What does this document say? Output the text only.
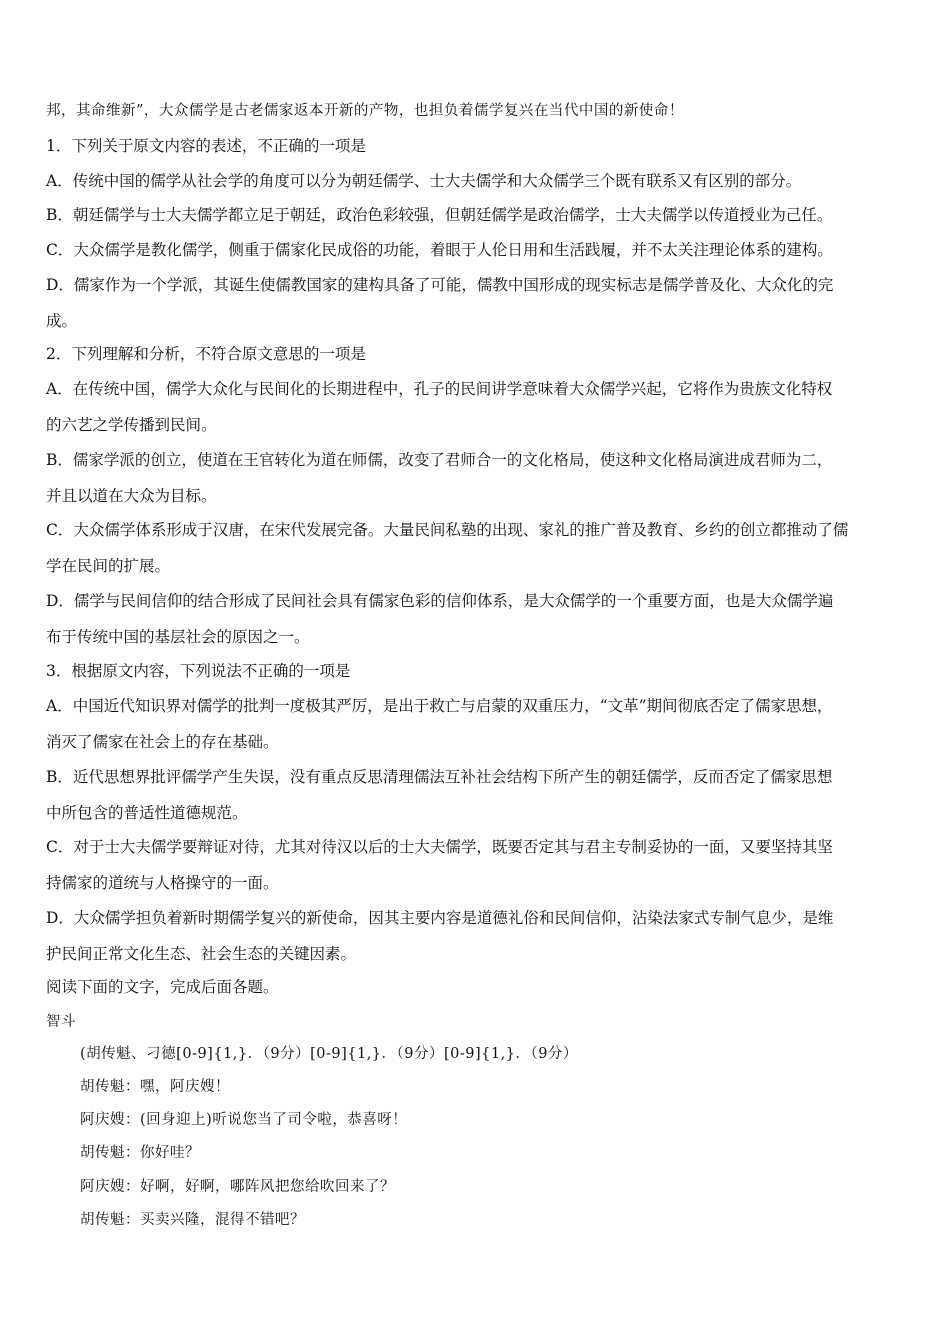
邦，其命维新”，大众儒学是古老儒家返本开新的产物，也担负着儒学复兴在当代中国的新使命！
1．下列关于原文内容的表述，不正确的一项是
A．传统中国的儒学从社会学的角度可以分为朝廷儒学、士大夫儒学和大众儒学三个既有联系又有区别的部分。
B．朝廷儒学与士大夫儒学都立足于朝廷，政治色彩较强，但朝廷儒学是政治儒学，士大夫儒学以传道授业为己任。
C．大众儒学是教化儒学，侧重于儒家化民成俗的功能，着眼于人伦日用和生活践履，并不太关注理论体系的建构。
D．儒家作为一个学派，其诞生使儒教国家的建构具备了可能，儒教中国形成的现实标志是儒学普及化、大众化的完
成。
2．下列理解和分析，不符合原文意思的一项是
A．在传统中国，儒学大众化与民间化的长期进程中，孔子的民间讲学意味着大众儒学兴起，它将作为贵族文化特权
的六艺之学传播到民间。
B．儒家学派的创立，使道在王官转化为道在师儒，改变了君师合一的文化格局，使这种文化格局演进成君师为二，
并且以道在大众为目标。
C．大众儒学体系形成于汉唐，在宋代发展完备。大量民间私塾的出现、家礼的推广普及教育、乡约的创立都推动了儒
学在民间的扩展。
D．儒学与民间信仰的结合形成了民间社会具有儒家色彩的信仰体系，是大众儒学的一个重要方面，也是大众儒学遍
布于传统中国的基层社会的原因之一。
3．根据原文内容，下列说法不正确的一项是
A．中国近代知识界对儒学的批判一度极其严厉，是出于救亡与启蒙的双重压力，“文革”期间彻底否定了儒家思想，
消灭了儒家在社会上的存在基础。
B．近代思想界批评儒学产生失误，没有重点反思清理儒法互补社会结构下所产生的朝廷儒学，反而否定了儒家思想
中所包含的普适性道德规范。
C．对于士大夫儒学要辩证对待，尤其对待汉以后的士大夫儒学，既要否定其与君主专制妥协的一面，又要坚持其坚
持儒家的道统与人格操守的一面。
D．大众儒学担负着新时期儒学复兴的新使命，因其主要内容是道德礼俗和民间信仰，沾染法家式专制气息少，是维
护民间正常文化生态、社会生态的关键因素。
阅读下面的文字，完成后面各题。
智斗
(胡传魁、刁德[0-9]{1,}．（9分）[0-9]{1,}．（9分）[0-9]{1,}．（9分）
胡传魁：嘿，阿庆嫂！
阿庆嫂：(回身迎上)听说您当了司令啦，恭喜呀！
胡传魁：你好哇？
阿庆嫂：好啊，好啊，哪阵风把您给吹回来了？
胡传魁：买卖兴隆，混得不错吧？
